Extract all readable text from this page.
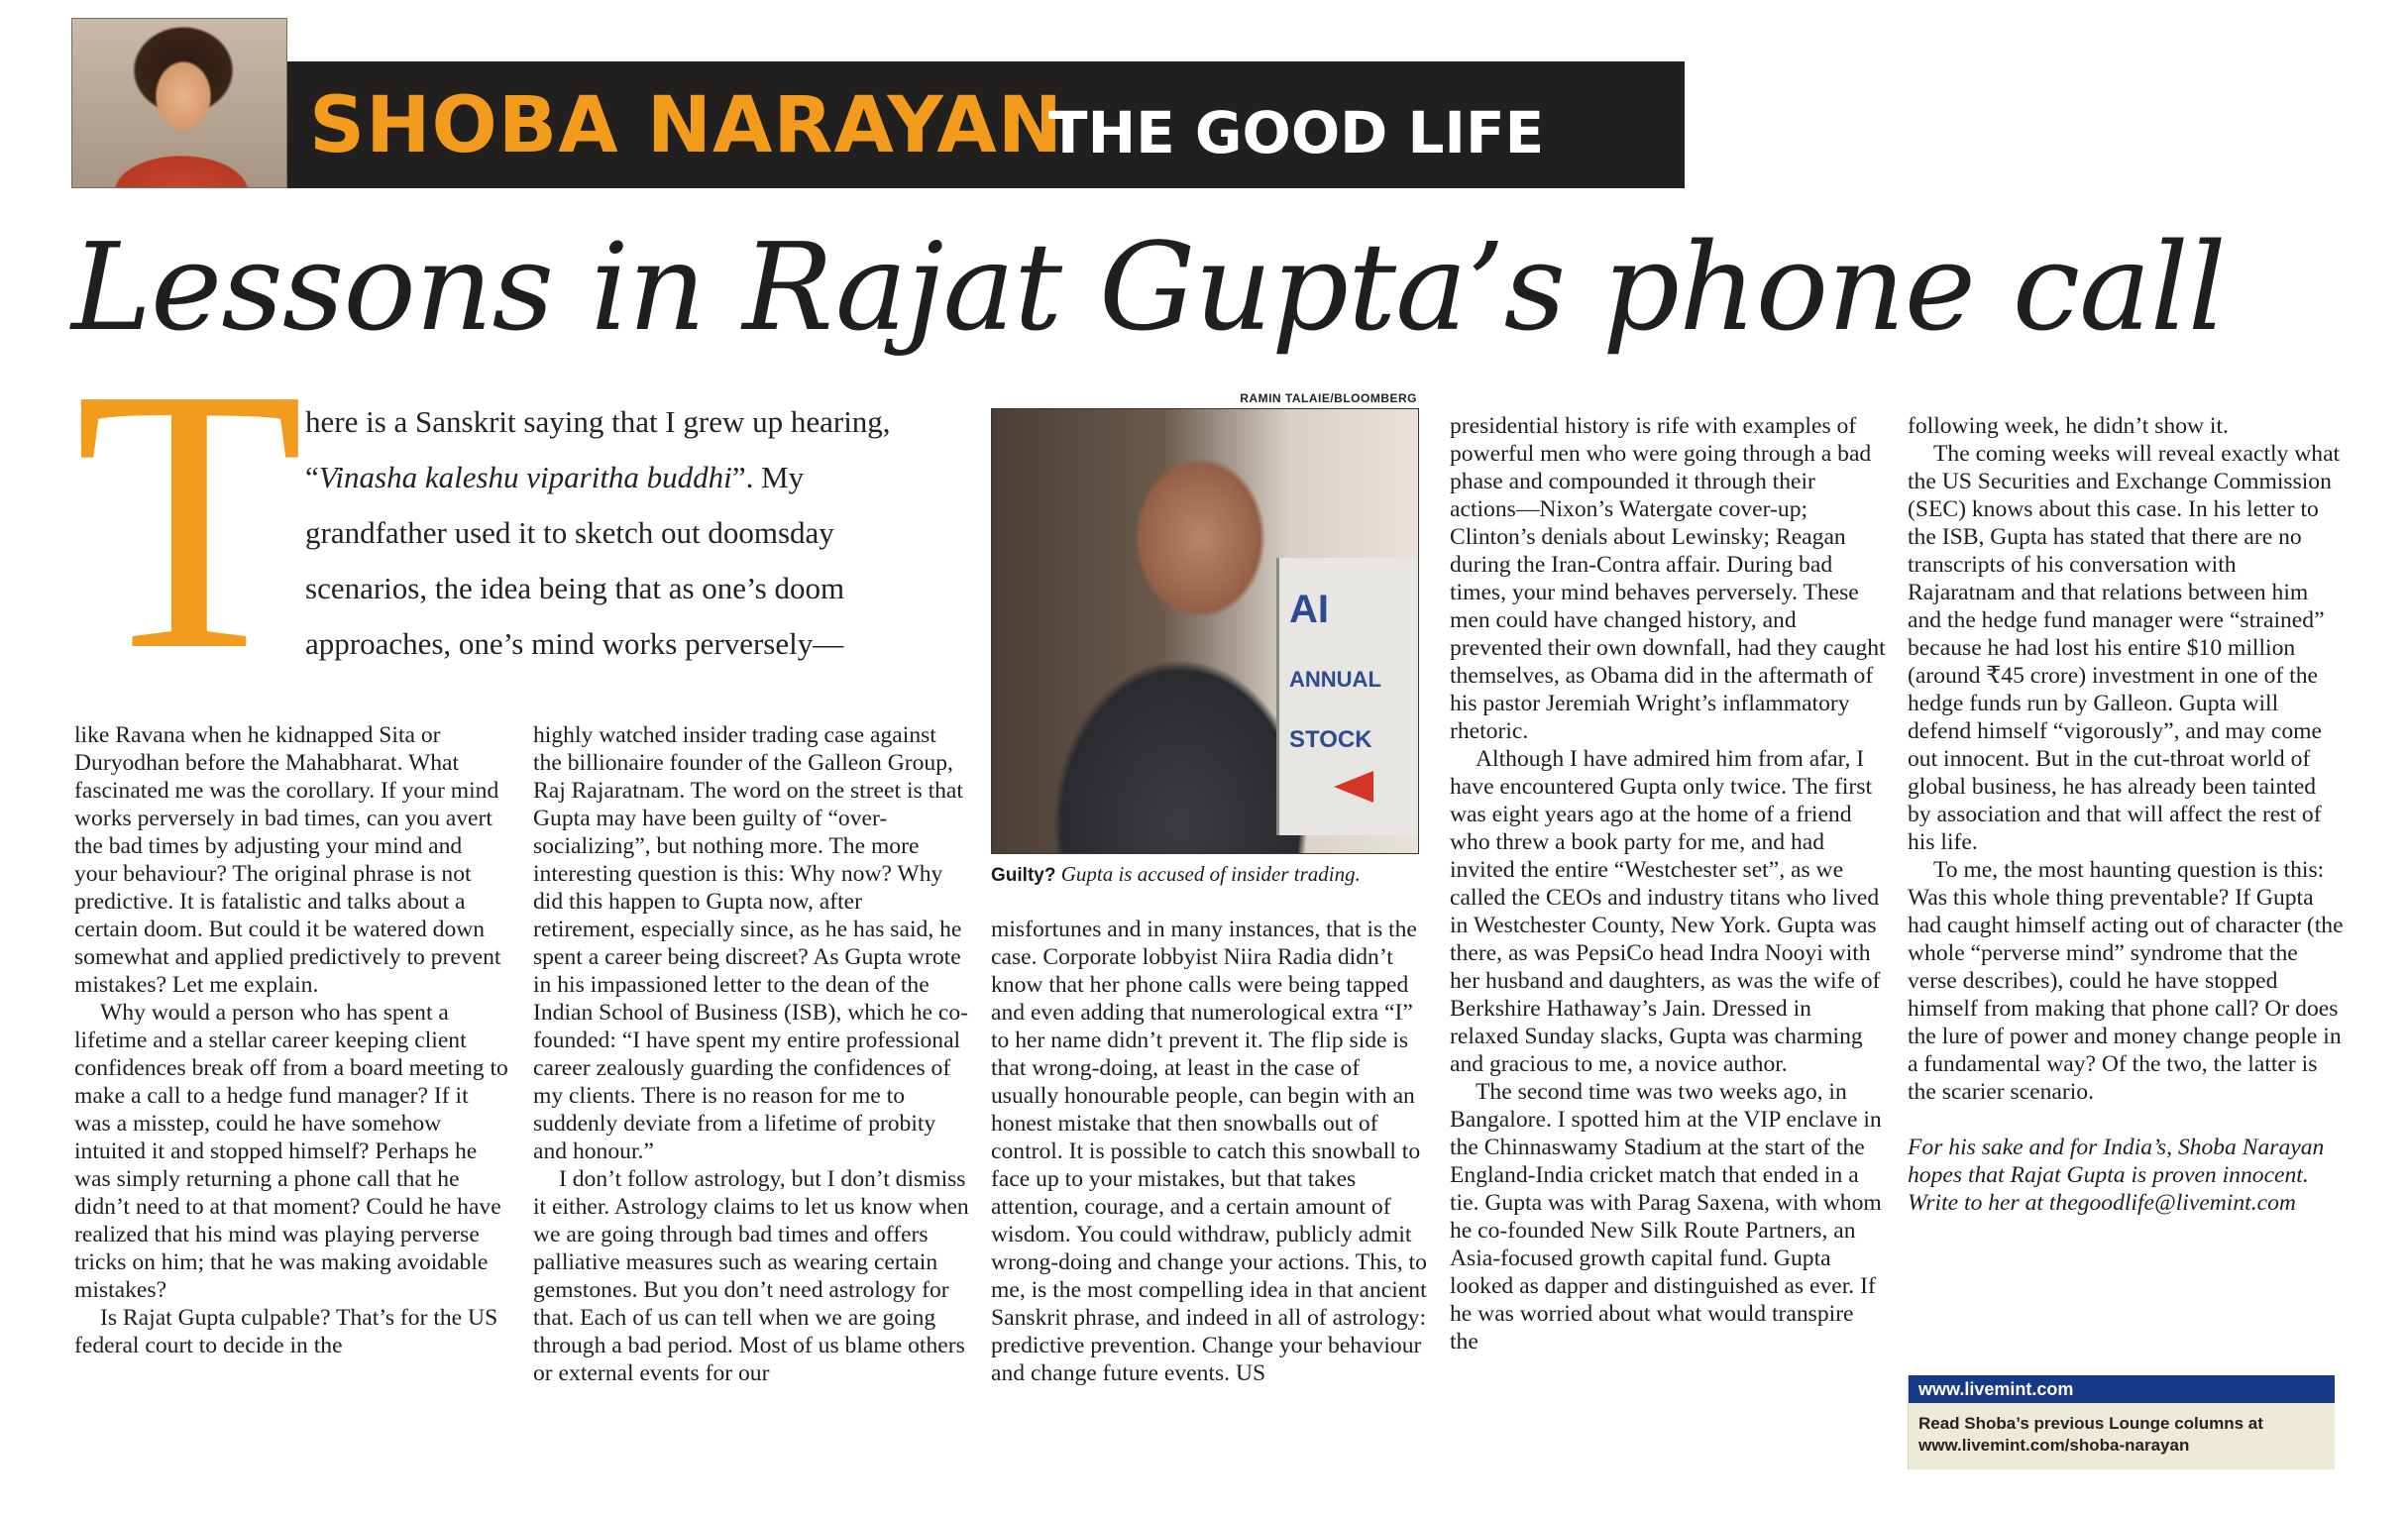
SHOBA NARAYAN
THE GOOD LIFE
Lessons in Rajat Gupta’s phone call
T here is a Sanskrit saying that I grew up hearing, “Vinasha kaleshu viparitha buddhi”. My grandfather used it to sketch out doomsday scenarios, the idea being that as one’s doom approaches, one’s mind works perversely—

like Ravana when he kidnapped Sita or Duryodhan before the Mahabharat. What fascinated me was the corollary. If your mind works perversely in bad times, can you avert the bad times by adjusting your mind and your behaviour? The original phrase is not predictive. It is fatalistic and talks about a certain doom. But could it be watered down somewhat and applied predictively to prevent mistakes? Let me explain.

Why would a person who has spent a lifetime and a stellar career keeping client confidences break off from a board meeting to make a call to a hedge fund manager? If it was a misstep, could he have somehow intuited it and stopped himself? Perhaps he was simply returning a phone call that he didn’t need to at that moment? Could he have realized that his mind was playing perverse tricks on him; that he was making avoidable mistakes?

Is Rajat Gupta culpable? That’s for the US federal court to decide in the

highly watched insider trading case against the billionaire founder of the Galleon Group, Raj Rajaratnam. The word on the street is that Gupta may have been guilty of “over-socializing”, but nothing more. The more interesting question is this: Why now? Why did this happen to Gupta now, after retirement, especially since, as he has said, he spent a career being discreet? As Gupta wrote in his impassioned letter to the dean of the Indian School of Business (ISB), which he co-founded: “I have spent my entire professional career zealously guarding the confidences of my clients. There is no reason for me to suddenly deviate from a lifetime of probity and honour.”

I don’t follow astrology, but I don’t dismiss it either. Astrology claims to let us know when we are going through bad times and offers palliative measures such as wearing certain gemstones. But you don’t need astrology for that. Each of us can tell when we are going through a bad period. Most of us blame others or external events for our

RAMIN TALAIE/BLOOMBERG
AI
ANNUAL
STOCK
Guilty? Gupta is accused of insider trading.

misfortunes and in many instances, that is the case. Corporate lobbyist Niira Radia didn’t know that her phone calls were being tapped and even adding that numerological extra “I” to her name didn’t prevent it. The flip side is that wrong-doing, at least in the case of usually honourable people, can begin with an honest mistake that then snowballs out of control. It is possible to catch this snowball to face up to your mistakes, but that takes attention, courage, and a certain amount of wisdom. You could withdraw, publicly admit wrong-doing and change your actions. This, to me, is the most compelling idea in that ancient Sanskrit phrase, and indeed in all of astrology: predictive prevention. Change your behaviour and change future events. US

presidential history is rife with examples of powerful men who were going through a bad phase and compounded it through their actions—Nixon’s Watergate cover-up; Clinton’s denials about Lewinsky; Reagan during the Iran-Contra affair. During bad times, your mind behaves perversely. These men could have changed history, and prevented their own downfall, had they caught themselves, as Obama did in the aftermath of his pastor Jeremiah Wright’s inflammatory rhetoric.

Although I have admired him from afar, I have encountered Gupta only twice. The first was eight years ago at the home of a friend who threw a book party for me, and had invited the entire “Westchester set”, as we called the CEOs and industry titans who lived in Westchester County, New York. Gupta was there, as was PepsiCo head Indra Nooyi with her husband and daughters, as was the wife of Berkshire Hathaway’s Jain. Dressed in relaxed Sunday slacks, Gupta was charming and gracious to me, a novice author.

The second time was two weeks ago, in Bangalore. I spotted him at the VIP enclave in the Chinnaswamy Stadium at the start of the England-India cricket match that ended in a tie. Gupta was with Parag Saxena, with whom he co-founded New Silk Route Partners, an Asia-focused growth capital fund. Gupta looked as dapper and distinguished as ever. If he was worried about what would transpire the

following week, he didn’t show it.

The coming weeks will reveal exactly what the US Securities and Exchange Commission (SEC) knows about this case. In his letter to the ISB, Gupta has stated that there are no transcripts of his conversation with Rajaratnam and that relations between him and the hedge fund manager were “strained” because he had lost his entire $10 million (around ₹45 crore) investment in one of the hedge funds run by Galleon. Gupta will defend himself “vigorously”, and may come out innocent. But in the cut-throat world of global business, he has already been tainted by association and that will affect the rest of his life.

To me, the most haunting question is this: Was this whole thing preventable? If Gupta had caught himself acting out of character (the whole “perverse mind” syndrome that the verse describes), could he have stopped himself from making that phone call? Or does the lure of power and money change people in a fundamental way? Of the two, the latter is the scarier scenario.

For his sake and for India’s, Shoba Narayan hopes that Rajat Gupta is proven innocent. Write to her at thegoodlife@livemint.com

www.livemint.com
Read Shoba’s previous Lounge columns at www.livemint.com/shoba-narayan
